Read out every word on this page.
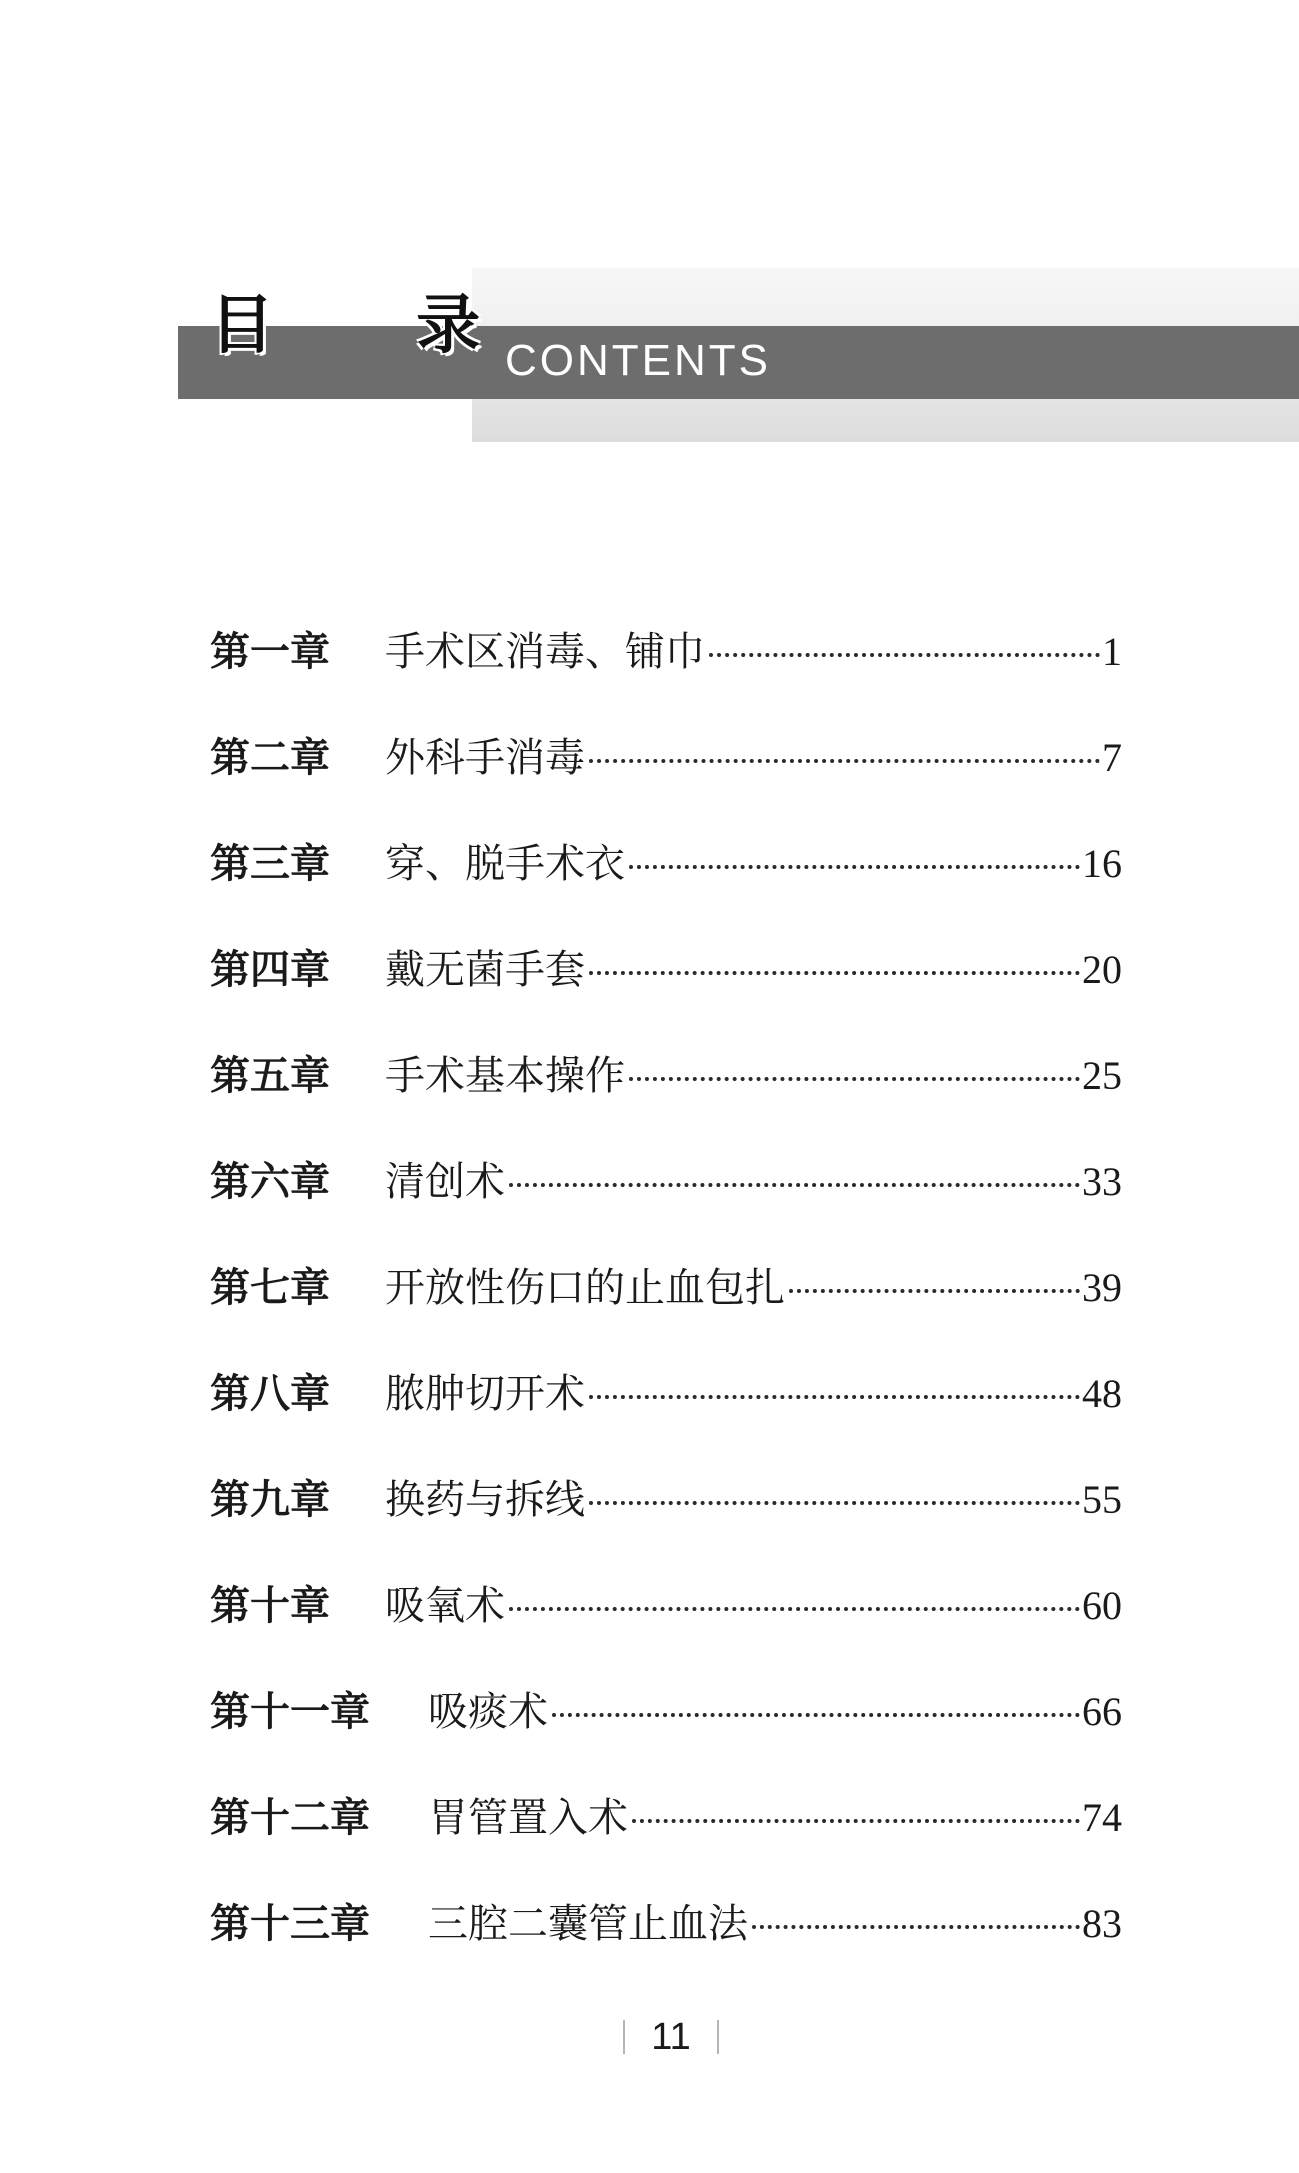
目 录
CONTENTS
第一章	手术区消毒、铺巾	1
第二章	外科手消毒	7
第三章	穿、脱手术衣	16
第四章	戴无菌手套	20
第五章	手术基本操作	25
第六章	清创术	33
第七章	开放性伤口的止血包扎	39
第八章	脓肿切开术	48
第九章	换药与拆线	55
第十章	吸氧术	60
第十一章	吸痰术	66
第十二章	胃管置入术	74
第十三章	三腔二囊管止血法	83
11
